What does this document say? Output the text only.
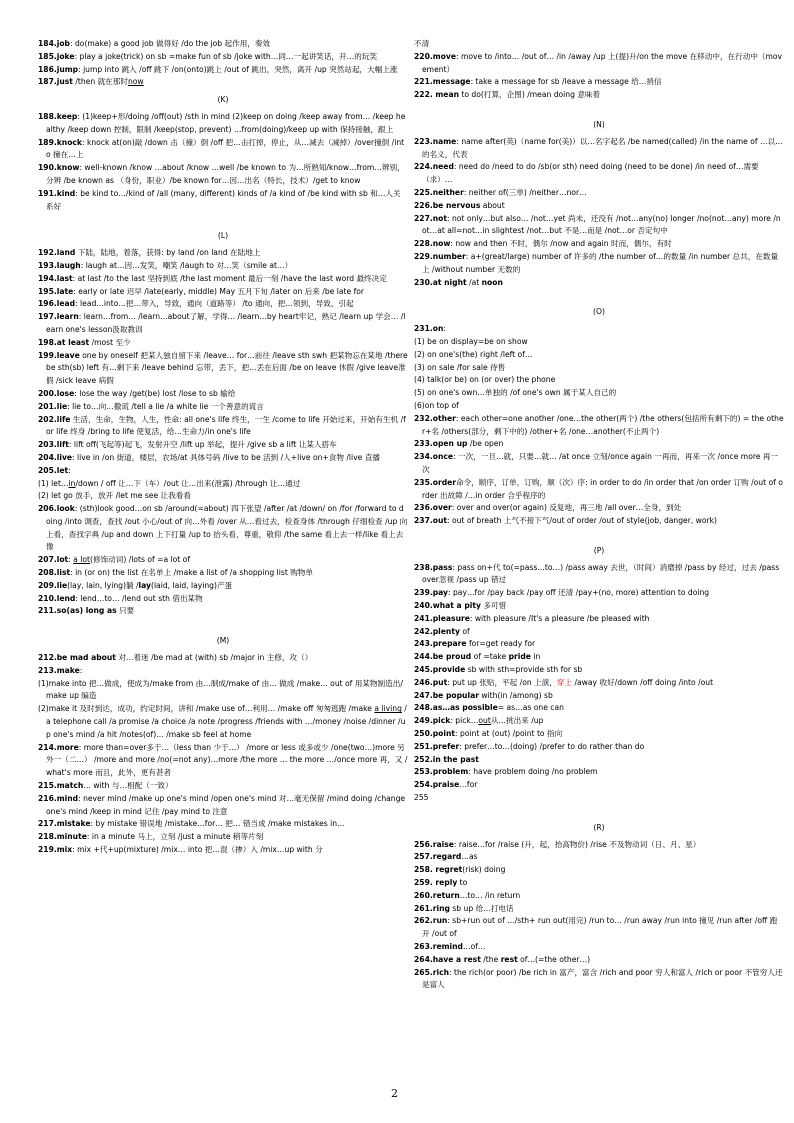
184.job: do(make) a good job 做得好 /do the job 起作用，奏效

185.joke: play a joke(trick) on sb =make fun of sb /joke with…同…一起讲笑话，开…的玩笑

186.jump: jump into 跳入 /off 跳下 /on(onto)跳上 /out of 跳出，突然，离开 /up 突然站起，大幅上涨

187.just /then 就在那时now

(K)

188.keep: (1)keep+形/doing /off(out) /sth in mind (2)keep on doing /keep away from… /keep healthy /keep down 控制，限制 /keep(stop, prevent) …from(doing)/keep up with 保持接触，跟上

189.knock: knock at(on)敲 /down 击（撞）倒 /off 把…击打掉，停止，从…减去（减掉）/over撞倒 /into 撞在…上

190.know: well-known /know …about /know …well /be known to 为…所熟知/know…from…辨别，分辨 /be known as （身份，职业）/be known for…因…出名（特长，技术）/get to know

191.kind: be kind to…/kind of /all (many, different) kinds of /a kind of /be kind with sb 和…人关系好

(L)

192.land 下陆，陆地，着落，获得: by land /on land 在陆地上

193.laugh: laugh at…因…发笑，嘲笑 /laugh to 对…笑（smile at…）

194.last: at last /to the last 坚持到底 /the last moment 最后一刻 /have the last word 最终决定

195.late: early or late 迟早 /late(early, middle) May 五月下旬 /later on 后来 /be late for

196.lead: lead…into…把…带入，导致，通向（道路等） /to 通向，把…领到，导致，引起

197.learn: learn…from… /learn…about了解，学得… /learn…by heart牢记，熟记 /learn up 学会… /learn one's lesson汲取教训

198.at least /most 至少

199.leave one by oneself 把某人独自留下来 /leave… for…前往 /leave sth swh 把某物忘在某地 /there be sth(sb) left 有…剩下来 /leave behind 忘带，丢下，把…丢在后面 /be on leave 休假 /give leave准假 /sick leave 病假

200.lose: lose the way /get(be) lost /lose to sb 输给

201.lie: lie to…向…撒谎 /tell a lie /a white lie 一个善意的谎言

202.life 生活，生命，生物，人生，性命: all one's life 终生，一生 /come to life 开始过来，开始有生机 /for life 终身 /bring to life 使复活，给…生命力/in one's life

203.lift: lift off(飞起等)起飞，发射升空 /lift up 举起，提升 /give sb a lift 让某人搭车

204.live: live in /on 街道，楼层，农场/at 具体号码 /live to be 活到 /人+live on+食物 /live 直播

205.let:

(1) let…in/down / off 让…下（车）/out 让…出来(泄露) /through 让…通过

(2) let go 放手，放开 /let me see 让我看看

206.look: (sth)look good…on sb /around(=about) 四下张望 /after /at /down/ on /for /forward to doing /into 调查，查找 /out 小心/out of 向…外看 /over 从…看过去，检查身体 /through 仔细检查 /up 向上看，查找字典 /up and down 上下打量 /up to 抬头看，尊重，敬仰 /the same 看上去一样/like 看上去像

207.lot: a lot(修饰动词) /lots of =a lot of

208.list: in (or on) the list 在名单上 /make a list of /a shopping list 购物单

209.lie(lay, lain, lying)躺 /lay(laid, laid, laying)产蛋

210.lend: lend…to… /lend out sth 借出某物

211.so(as) long as 只要

(M)

212.be mad about 对…着迷 /be mad at (with) sb /major in 主修，攻（）

213.make:

(1)make into 把…做成，使成为/make from 由…制成/make of 由… 做成 /make… out of 用某物制造出/make up 编造

(2)make it 及时到达，成功，约定时间，讲和 /make use of…利用… /make off 匆匆逃跑 /make a living /a telephone call /a promise /a choice /a note /progress /friends with …/money /noise /dinner /up one's mind /a hit /notes(of)… /make sb feel at home

214.more: more than=over多于…（less than 少于…） /more or less 或多或少 /one(two…)more 另外一（二…） /more and more /no(=not any)…more /the more … the more …/once more 再，又 /what's more 而且，此外，更有甚者

215.match… with 与…相配（一致）

216.mind: never mind /make up one's mind /open one's mind 对…毫无保留 /mind doing /change one's mind /keep in mind 记住 /pay mind to 注意

217.mistake: by mistake 错误地 /mistake…for… 把… 错当成 /make mistakes in…

218.minute: in a minute 马上，立刻 /just a minute 稍等片刻

219.mix: mix +代+up(mixture) /mix… into 把…混（掺）入 /mix…up with 分

不清

220.move: move to /into… /out of… /in /away /up 上(提)升/on the move 在移动中，在行动中（movement）

221.message: take a message for sb /leave a message 给…捎信

222. mean to do(打算，企图) /mean doing 意味着

(N)

223.name: name after(英)（name for(美)）以…名字起名 /be named(called) /in the name of …以…的名义，代表

224.need: need do /need to do /sb(or sth) need doing (need to be done) /in need of…需要（求）…

225.neither: neither of(三单) /neither…nor…

226.be nervous about

227.not: not only…but also… /not…yet 尚未，还没有 /not…any(no) longer /no(not…any) more /not…at all=not…in slightest /not…but 不是…而是 /not…or 否定句中

228.now: now and then 不时，偶尔 /now and again 时而，偶尔，有时

229.number: a+(great/large) number of 许多的 /the number of…的数量 /in number 总共，在数量上 /without number 无数的

230.at night /at noon

(O)

231.on:

(1) be on display=be on show

(2) on one's(the) right /left of…

(3) on sale /for sale 待售

(4) talk(or be) on (or over) the phone

(5) on one's own…单独的 /of one's own 属于某人自己的

(6)on top of

232.other: each other=one another /one…the other(两个) /the others(包括所有剩下的) = the other+名 /others(部分，剩下中的) /other+名 /one…another(不止两个)

233.open up /be open

234.once: 一次，一旦…就，只要…就… /at once 立刻/once again 一再而，再来一次 /once more 再一次

235.order命令，顺序，订单，订购，顺（次）序: in order to do /in order that /on order 订购 /out of order 出故障 /…in order 合乎程序的

236.over: over and over(or again) 反复地，再三地 /all over…全身，到处

237.out: out of breath 上气不接下气/out of order /out of style(job, danger, work)

(P)

238.pass: pass on+代 to(=pass…to…) /pass away 去世，（时间）消磨掉 /pass by 经过，过去 /pass over忽视 /pass up 错过

239.pay: pay…for /pay back /pay off 还清 /pay+(no, more) attention to doing

240.what a pity 多可惜

241.pleasure: with pleasure /It's a pleasure /be pleased with

242.plenty of

243.prepare for=get ready for

244.be proud of =take pride in

245.provide sb with sth=provide sth for sb

246.put: put up 张贴，平起 /on 上演，穿上 /away 收好/down /off doing /into /out

247.be popular with(in /among) sb

248.as…as possible= as…as one can

249.pick: pick…out从…挑出来 /up

250.point: point at (out) /point to 指向

251.prefer: prefer…to…(doing) /prefer to do rather than do

252.in the past

253.problem: have problem doing /no problem

254.praise…for

255

(R)

256.raise: raise…for /raise (升，起，抬高物价) /rise 不及物动词（日、月、星）

257.regard…as

258. regret(risk) doing

259. reply to

260.return…to… /in return

261.ring sb up 给…打电话

262.run: sb+run out of …/sth+ run out(用完) /run to… /run away /run into 撞见 /run after /off 跑开 /out of

263.remind…of…

264.have a rest /the rest of…(=the other…)

265.rich: the rich(or poor) /be rich in 富产，富含 /rich and poor 穷人和富人 /rich or poor 不管穷人还是富人

2
